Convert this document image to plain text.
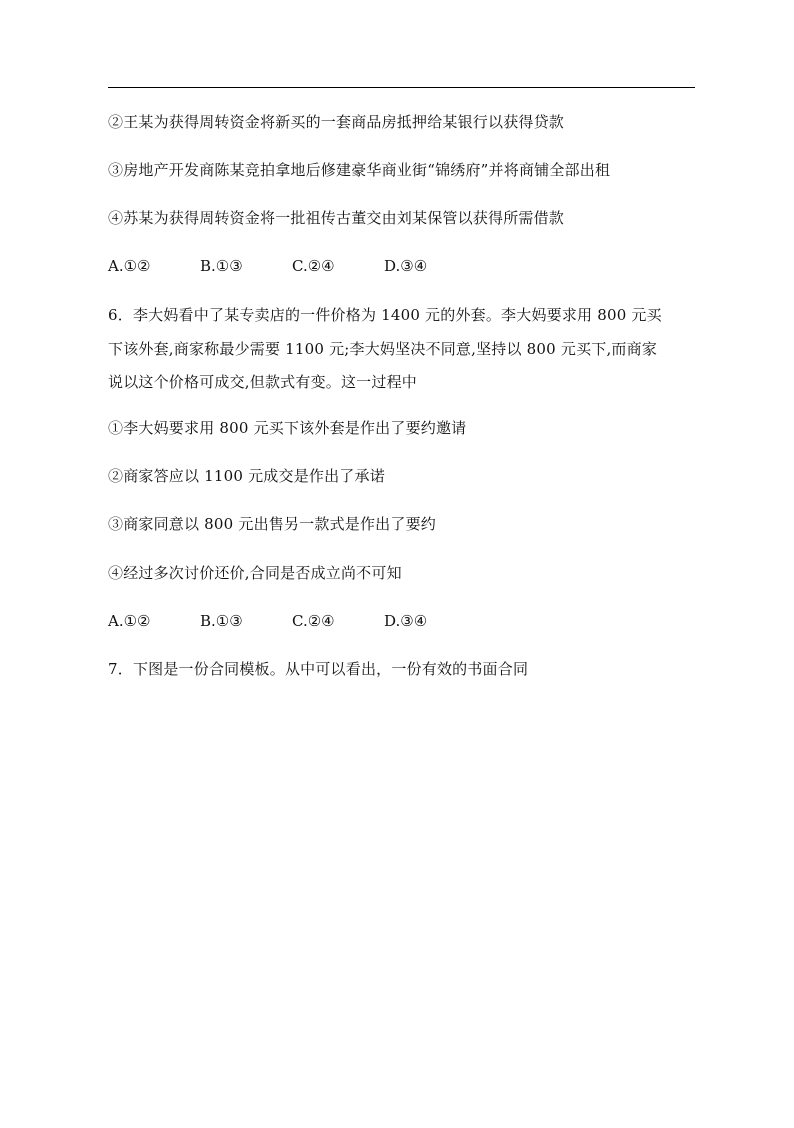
②王某为获得周转资金将新买的一套商品房抵押给某银行以获得贷款
③房地产开发商陈某竞拍拿地后修建豪华商业街“锦绣府”并将商铺全部出租
④苏某为获得周转资金将一批祖传古董交由刘某保管以获得所需借款
A.①②	B.①③	C.②④	D.③④
6．李大妈看中了某专卖店的一件价格为 1400 元的外套。李大妈要求用 800 元买
下该外套,商家称最少需要 1100 元;李大妈坚决不同意,坚持以 800 元买下,而商家
说以这个价格可成交,但款式有变。这一过程中
①李大妈要求用 800 元买下该外套是作出了要约邀请
②商家答应以 1100 元成交是作出了承诺
③商家同意以 800 元出售另一款式是作出了要约
④经过多次讨价还价,合同是否成立尚不可知
A.①②	B.①③	C.②④	D.③④
7．下图是一份合同模板。从中可以看出，一份有效的书面合同
